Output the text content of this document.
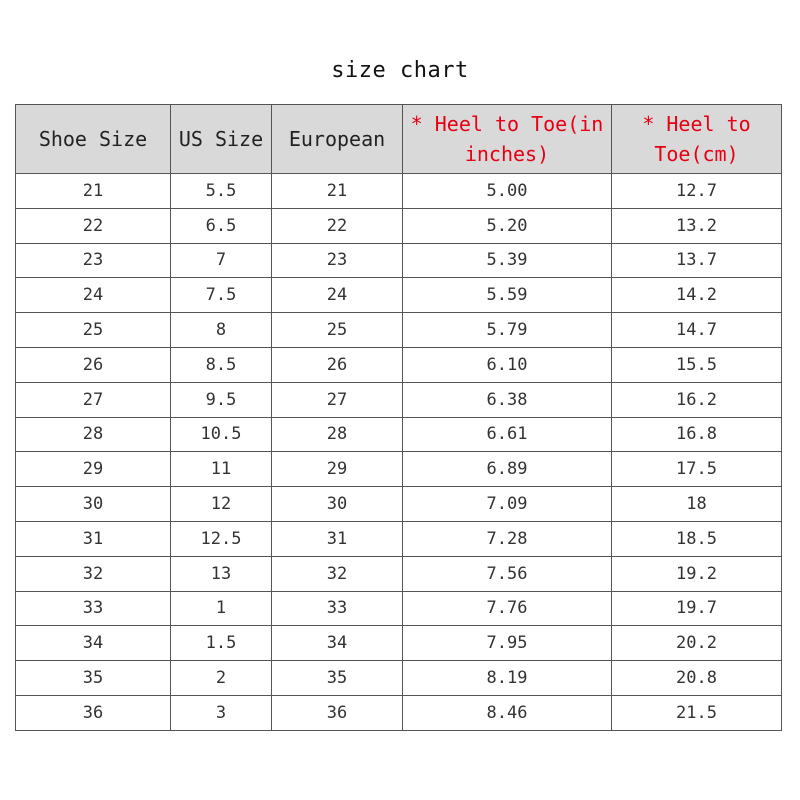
size chart
Shoe Size	US Size	European	* Heel to Toe(in inches)	* Heel to Toe(cm)
21	5.5	21	5.00	12.7
22	6.5	22	5.20	13.2
23	7	23	5.39	13.7
24	7.5	24	5.59	14.2
25	8	25	5.79	14.7
26	8.5	26	6.10	15.5
27	9.5	27	6.38	16.2
28	10.5	28	6.61	16.8
29	11	29	6.89	17.5
30	12	30	7.09	18
31	12.5	31	7.28	18.5
32	13	32	7.56	19.2
33	1	33	7.76	19.7
34	1.5	34	7.95	20.2
35	2	35	8.19	20.8
36	3	36	8.46	21.5
